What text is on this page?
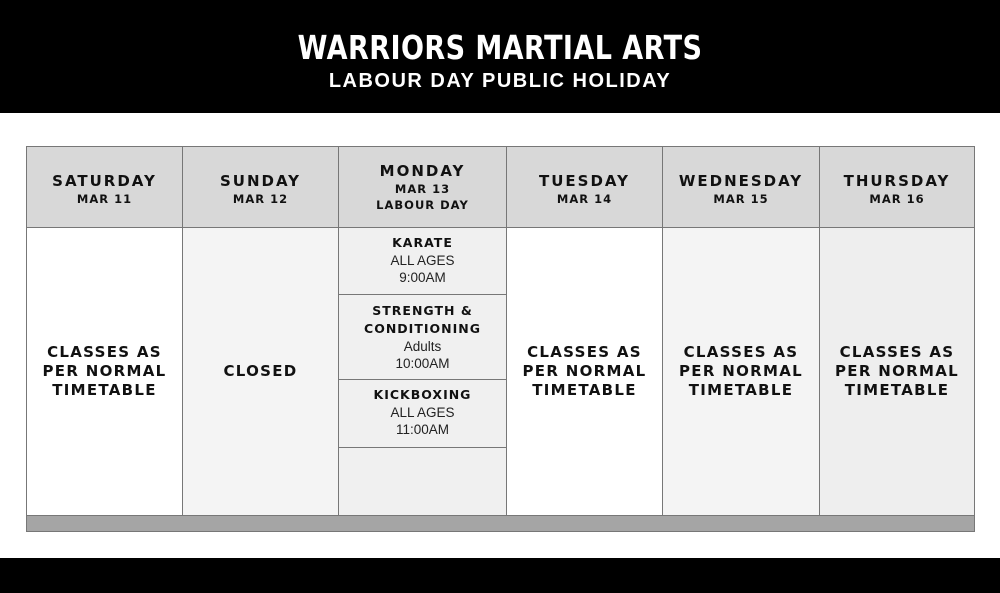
WARRIORS MARTIAL ARTS
LABOUR DAY PUBLIC HOLIDAY
SATURDAY
MAR 11
CLASSES AS
PER NORMAL
TIMETABLE
SUNDAY
MAR 12
CLOSED
MONDAY
MAR 13
LABOUR DAY
KARATE
ALL AGES
9:00AM
STRENGTH & CONDITIONING
Adults
10:00AM
KICKBOXING
ALL AGES
11:00AM
TUESDAY
MAR 14
CLASSES AS
PER NORMAL
TIMETABLE
WEDNESDAY
MAR 15
CLASSES AS
PER NORMAL
TIMETABLE
THURSDAY
MAR 16
CLASSES AS
PER NORMAL
TIMETABLE
